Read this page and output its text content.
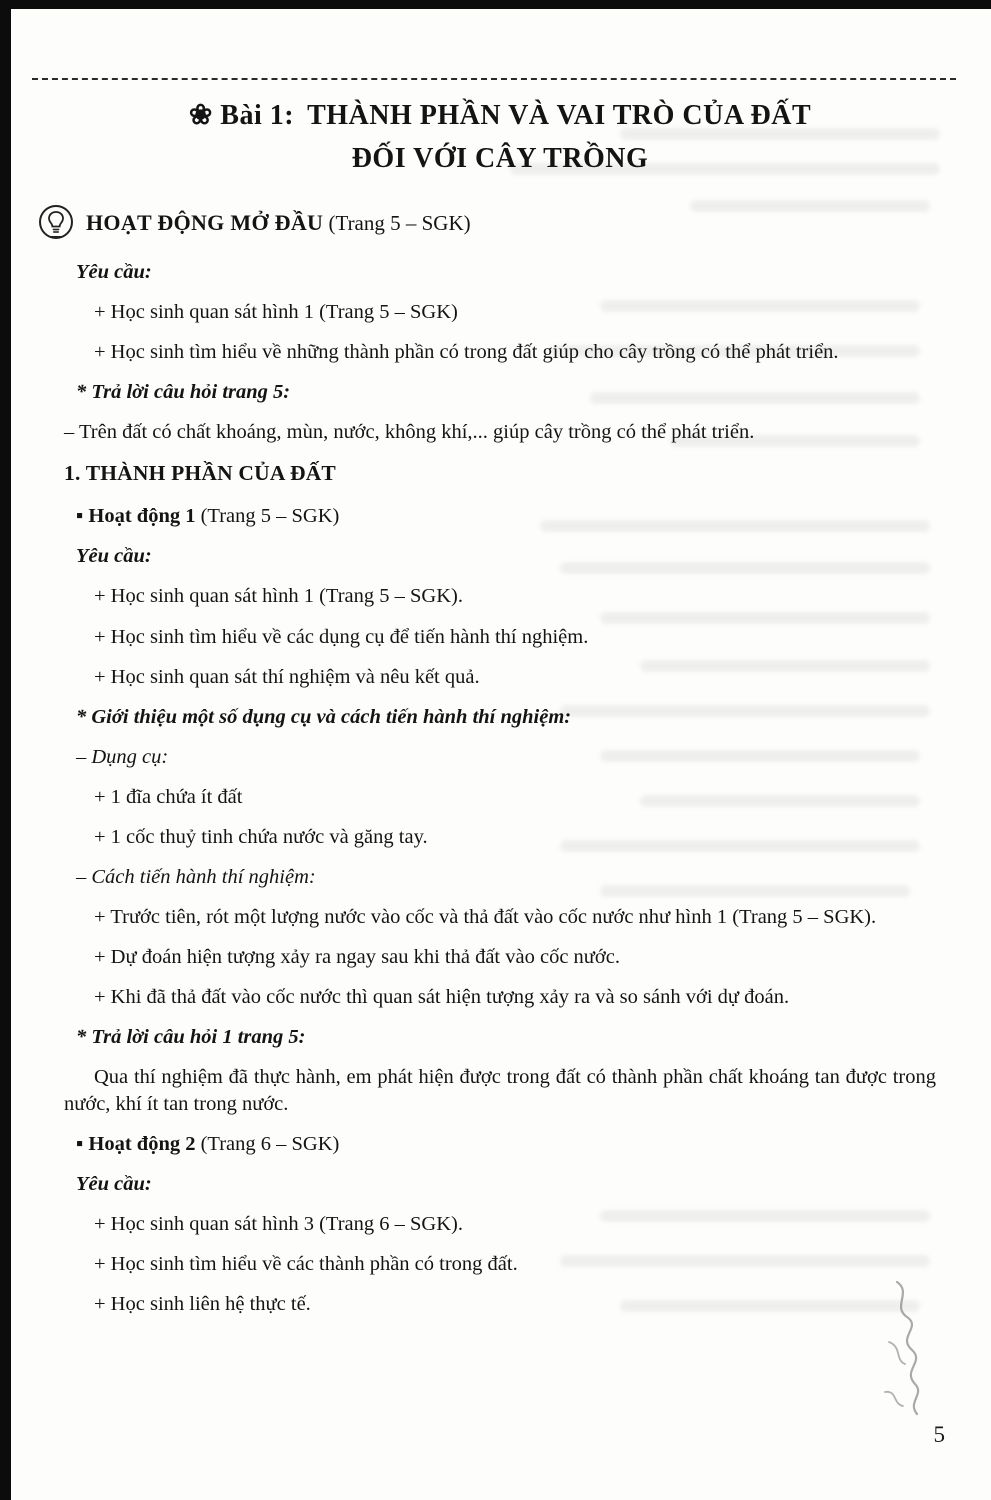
❀ Bài 1: THÀNH PHẦN VÀ VAI TRÒ CỦA ĐẤT
ĐỐI VỚI CÂY TRỒNG
HOẠT ĐỘNG MỞ ĐẦU (Trang 5 – SGK)

Yêu cầu:

+ Học sinh quan sát hình 1 (Trang 5 – SGK)

+ Học sinh tìm hiểu về những thành phần có trong đất giúp cho cây trồng có thể phát triển.

* Trả lời câu hỏi trang 5:

– Trên đất có chất khoáng, mùn, nước, không khí,... giúp cây trồng có thể phát triển.

1. THÀNH PHẦN CỦA ĐẤT

▪ Hoạt động 1 (Trang 5 – SGK)

Yêu cầu:

+ Học sinh quan sát hình 1 (Trang 5 – SGK).

+ Học sinh tìm hiểu về các dụng cụ để tiến hành thí nghiệm.

+ Học sinh quan sát thí nghiệm và nêu kết quả.

* Giới thiệu một số dụng cụ và cách tiến hành thí nghiệm:

– Dụng cụ:

+ 1 đĩa chứa ít đất

+ 1 cốc thuỷ tinh chứa nước và găng tay.

– Cách tiến hành thí nghiệm:

+ Trước tiên, rót một lượng nước vào cốc và thả đất vào cốc nước như hình 1 (Trang 5 – SGK).

+ Dự đoán hiện tượng xảy ra ngay sau khi thả đất vào cốc nước.

+ Khi đã thả đất vào cốc nước thì quan sát hiện tượng xảy ra và so sánh với dự đoán.

* Trả lời câu hỏi 1 trang 5:

Qua thí nghiệm đã thực hành, em phát hiện được trong đất có thành phần chất khoáng tan được trong nước, khí ít tan trong nước.

▪ Hoạt động 2 (Trang 6 – SGK)

Yêu cầu:

+ Học sinh quan sát hình 3 (Trang 6 – SGK).

+ Học sinh tìm hiểu về các thành phần có trong đất.

+ Học sinh liên hệ thực tế.

5
